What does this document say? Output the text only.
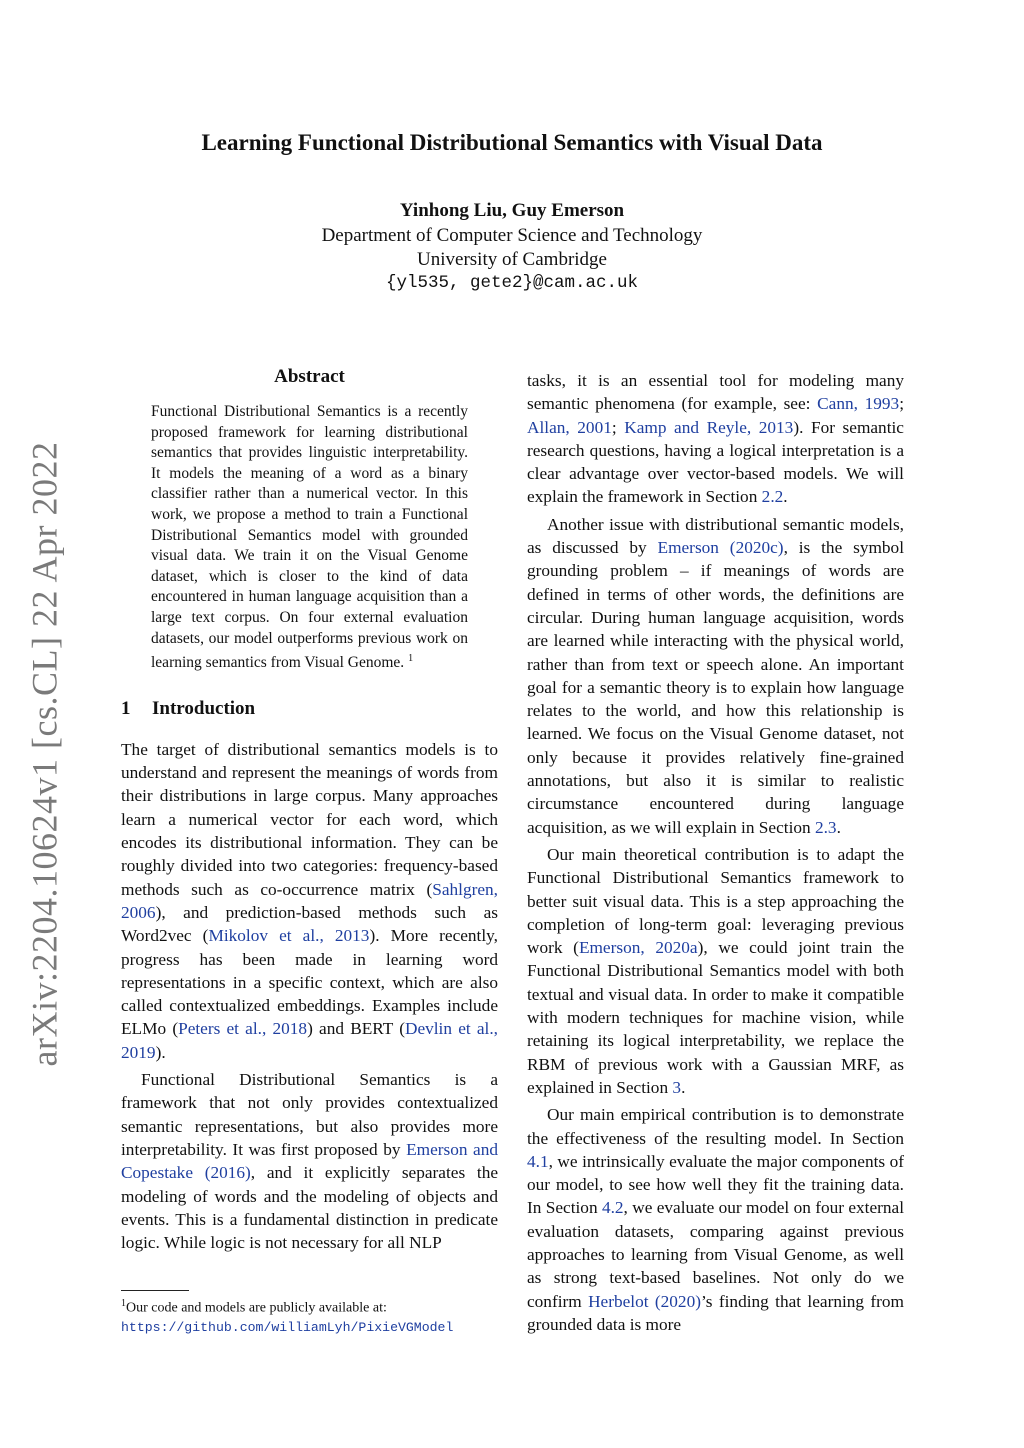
arXiv:2204.10624v1 [cs.CL] 22 Apr 2022
Learning Functional Distributional Semantics with Visual Data
Yinhong Liu, Guy Emerson
Department of Computer Science and Technology
University of Cambridge
{yl535, gete2}@cam.ac.uk
Abstract

Functional Distributional Semantics is a recently proposed framework for learning distributional semantics that provides linguistic interpretability. It models the meaning of a word as a binary classifier rather than a numerical vector. In this work, we propose a method to train a Functional Distributional Semantics model with grounded visual data. We train it on the Visual Genome dataset, which is closer to the kind of data encountered in human language acquisition than a large text corpus. On four external evaluation datasets, our model outperforms previous work on learning semantics from Visual Genome. $^1$

1 Introduction

The target of distributional semantics models is to understand and represent the meanings of words from their distributions in large corpus. Many approaches learn a numerical vector for each word, which encodes its distributional information. They can be roughly divided into two categories: frequency-based methods such as co-occurrence matrix (Sahlgren, 2006), and prediction-based methods such as Word2vec (Mikolov et al., 2013). More recently, progress has been made in learning word representations in a specific context, which are also called contextualized embeddings. Examples include ELMo (Peters et al., 2018) and BERT (Devlin et al., 2019).

Functional Distributional Semantics is a framework that not only provides contextualized semantic representations, but also provides more interpretability. It was first proposed by Emerson and Copestake (2016), and it explicitly separates the modeling of words and the modeling of objects and events. This is a fundamental distinction in predicate logic. While logic is not necessary for all NLP

$^1$Our code and models are publicly available at: https://github.com/williamLyh/PixieVGModel

tasks, it is an essential tool for modeling many semantic phenomena (for example, see: Cann, 1993; Allan, 2001; Kamp and Reyle, 2013). For semantic research questions, having a logical interpretation is a clear advantage over vector-based models. We will explain the framework in Section 2.2.

Another issue with distributional semantic models, as discussed by Emerson (2020c), is the symbol grounding problem – if meanings of words are defined in terms of other words, the definitions are circular. During human language acquisition, words are learned while interacting with the physical world, rather than from text or speech alone. An important goal for a semantic theory is to explain how language relates to the world, and how this relationship is learned. We focus on the Visual Genome dataset, not only because it provides relatively fine-grained annotations, but also it is similar to realistic circumstance encountered during language acquisition, as we will explain in Section 2.3.

Our main theoretical contribution is to adapt the Functional Distributional Semantics framework to better suit visual data. This is a step approaching the completion of long-term goal: leveraging previous work (Emerson, 2020a), we could joint train the Functional Distributional Semantics model with both textual and visual data. In order to make it compatible with modern techniques for machine vision, while retaining its logical interpretability, we replace the RBM of previous work with a Gaussian MRF, as explained in Section 3.

Our main empirical contribution is to demonstrate the effectiveness of the resulting model. In Section 4.1, we intrinsically evaluate the major components of our model, to see how well they fit the training data. In Section 4.2, we evaluate our model on four external evaluation datasets, comparing against previous approaches to learning from Visual Genome, as well as strong text-based baselines. Not only do we confirm Herbelot (2020)’s finding that learning from grounded data is more
